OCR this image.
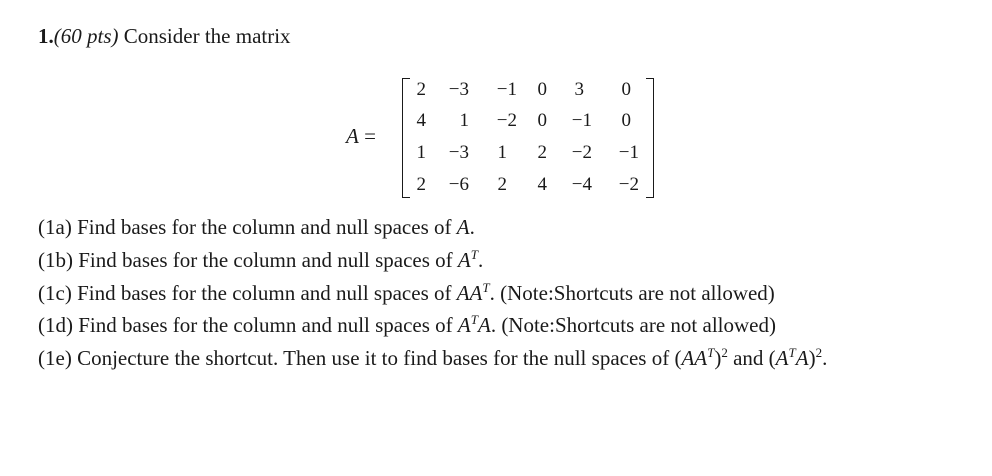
1.(60 pts) Consider the matrix
A =
2	−3	−1	0	3	0
4	1	−2	0	−1	0
1	−3	1	2	−2	−1
2	−6	2	4	−4	−2
(1a) Find bases for the column and null spaces of A.
(1b) Find bases for the column and null spaces of $A^T$.
(1c) Find bases for the column and null spaces of $AA^T$. (Note:Shortcuts are not allowed)
(1d) Find bases for the column and null spaces of $A^TA$. (Note:Shortcuts are not allowed)
(1e) Conjecture the shortcut. Then use it to find bases for the null spaces of $(AA^T)^2$ and $(A^TA)^2$.
